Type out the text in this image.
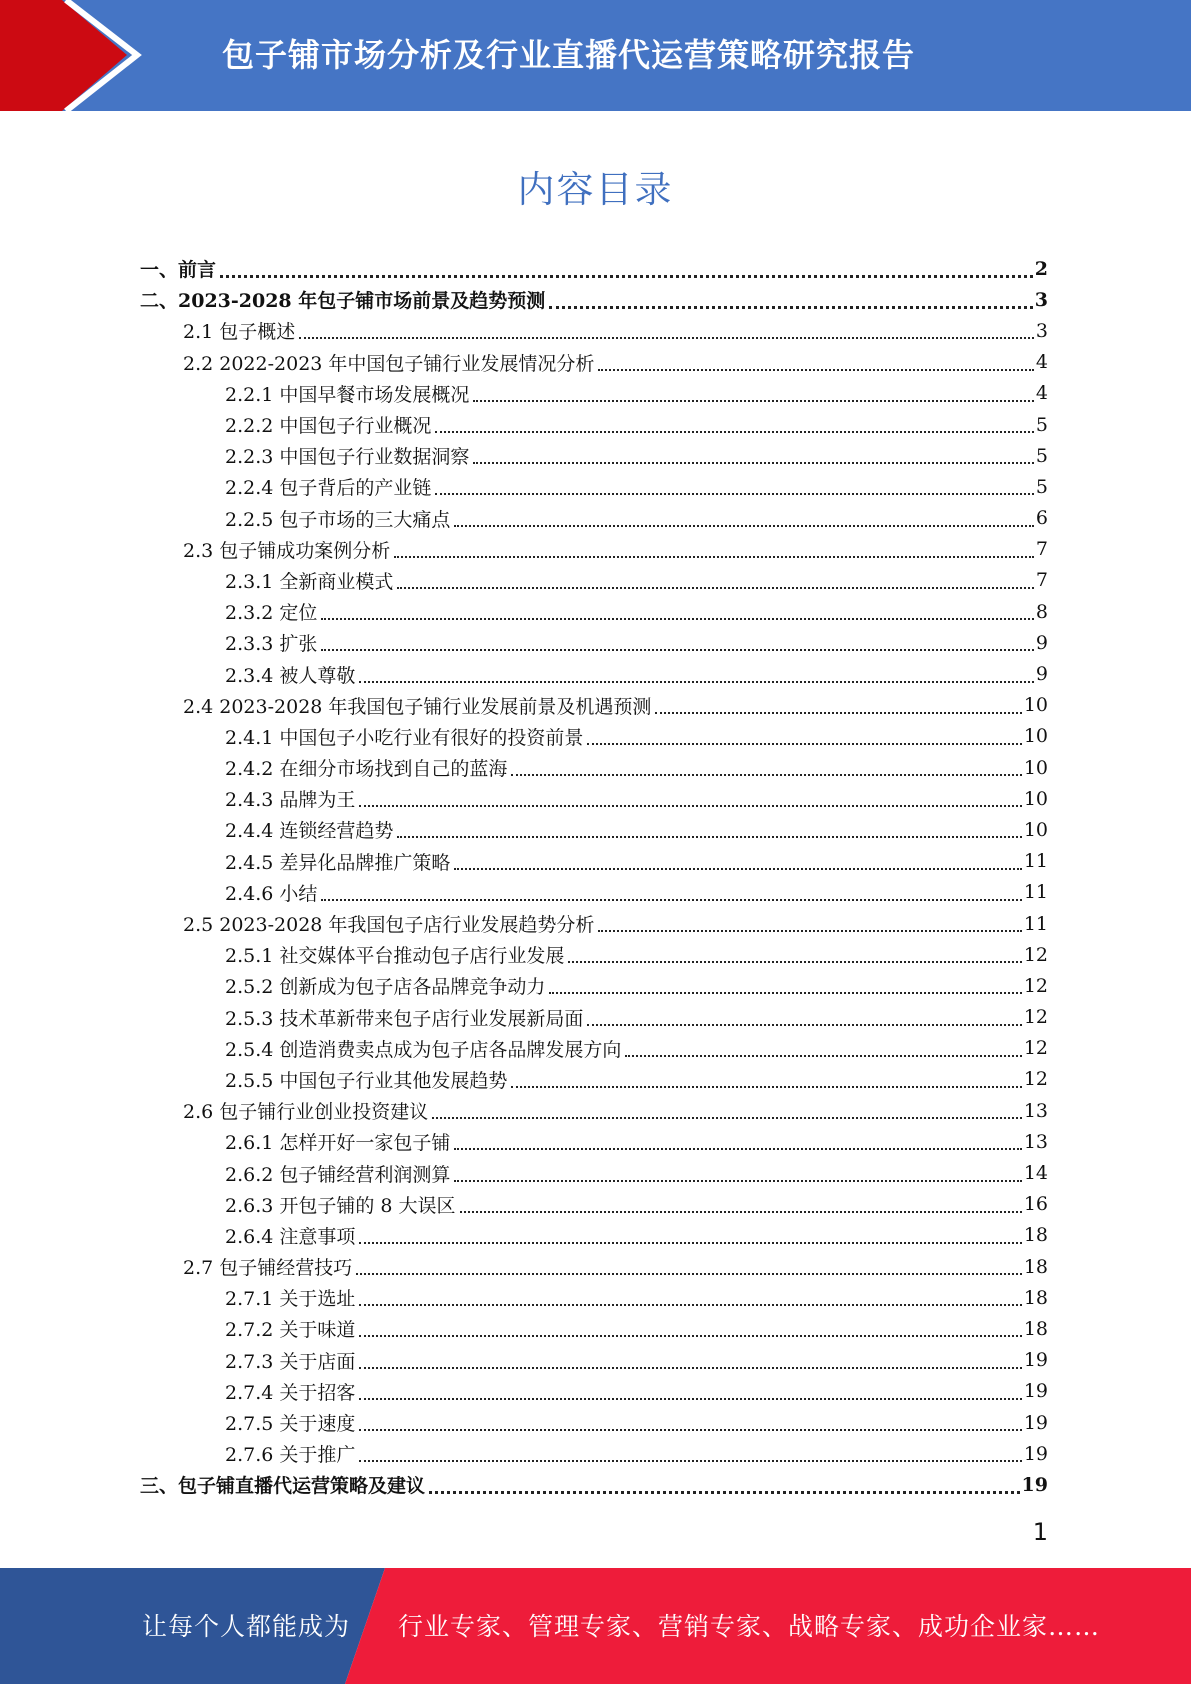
包子铺市场分析及行业直播代运营策略研究报告
内容目录
一、前言	2
二、2023-2028 年包子铺市场前景及趋势预测	3
2.1 包子概述	3
2.2 2022-2023 年中国包子铺行业发展情况分析	4
2.2.1 中国早餐市场发展概况	4
2.2.2 中国包子行业概况	5
2.2.3 中国包子行业数据洞察	5
2.2.4 包子背后的产业链	5
2.2.5 包子市场的三大痛点	6
2.3 包子铺成功案例分析	7
2.3.1 全新商业模式	7
2.3.2 定位	8
2.3.3 扩张	9
2.3.4 被人尊敬	9
2.4 2023-2028 年我国包子铺行业发展前景及机遇预测	10
2.4.1 中国包子小吃行业有很好的投资前景	10
2.4.2 在细分市场找到自己的蓝海	10
2.4.3 品牌为王	10
2.4.4 连锁经营趋势	10
2.4.5 差异化品牌推广策略	11
2.4.6 小结	11
2.5 2023-2028 年我国包子店行业发展趋势分析	11
2.5.1 社交媒体平台推动包子店行业发展	12
2.5.2 创新成为包子店各品牌竞争动力	12
2.5.3 技术革新带来包子店行业发展新局面	12
2.5.4 创造消费卖点成为包子店各品牌发展方向	12
2.5.5 中国包子行业其他发展趋势	12
2.6 包子铺行业创业投资建议	13
2.6.1 怎样开好一家包子铺	13
2.6.2 包子铺经营利润测算	14
2.6.3 开包子铺的 8 大误区	16
2.6.4 注意事项	18
2.7 包子铺经营技巧	18
2.7.1 关于选址	18
2.7.2 关于味道	18
2.7.3 关于店面	19
2.7.4 关于招客	19
2.7.5 关于速度	19
2.7.6 关于推广	19
三、包子铺直播代运营策略及建议	19
1
让每个人都能成为 行业专家、管理专家、营销专家、战略专家、成功企业家……
